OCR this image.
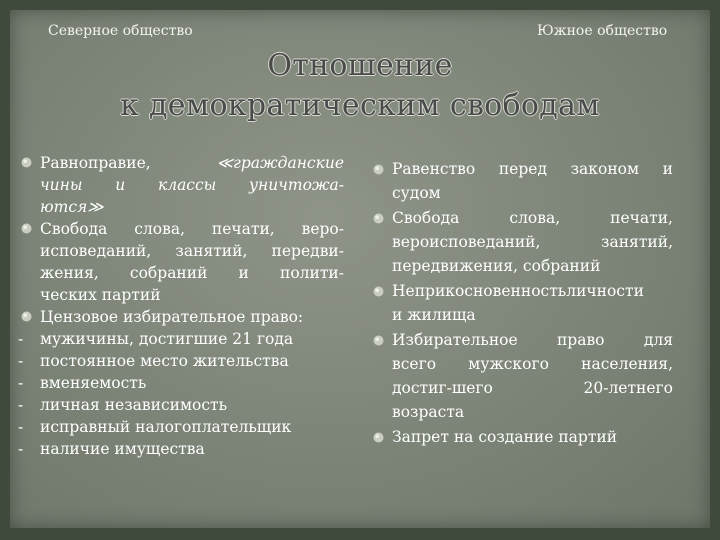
Северное общество	Южное общество
Отношение
к демократическим свободам
Равноправие,	≪гражданские
чины и классы уничтожа-
ются≫
Свобода слова, печати, веро-
исповеданий, занятий, передви-
жения, собраний и полити-
ческих партий
Цензовое избирательное право:
- мужичины, достигшие 21 года
- постоянное место жительства
- вменяемость
- личная независимость
- исправный налогоплательщик
- наличие имущества
Равенство перед законом и
судом
Свобода слова, печати,
вероисповеданий, занятий,
передвижения, собраний
Неприкосновенностьличности
и жилища
Избирательное право для
всего мужского населения,
достиг-шего 20-летнего
возраста
Запрет на создание партий
